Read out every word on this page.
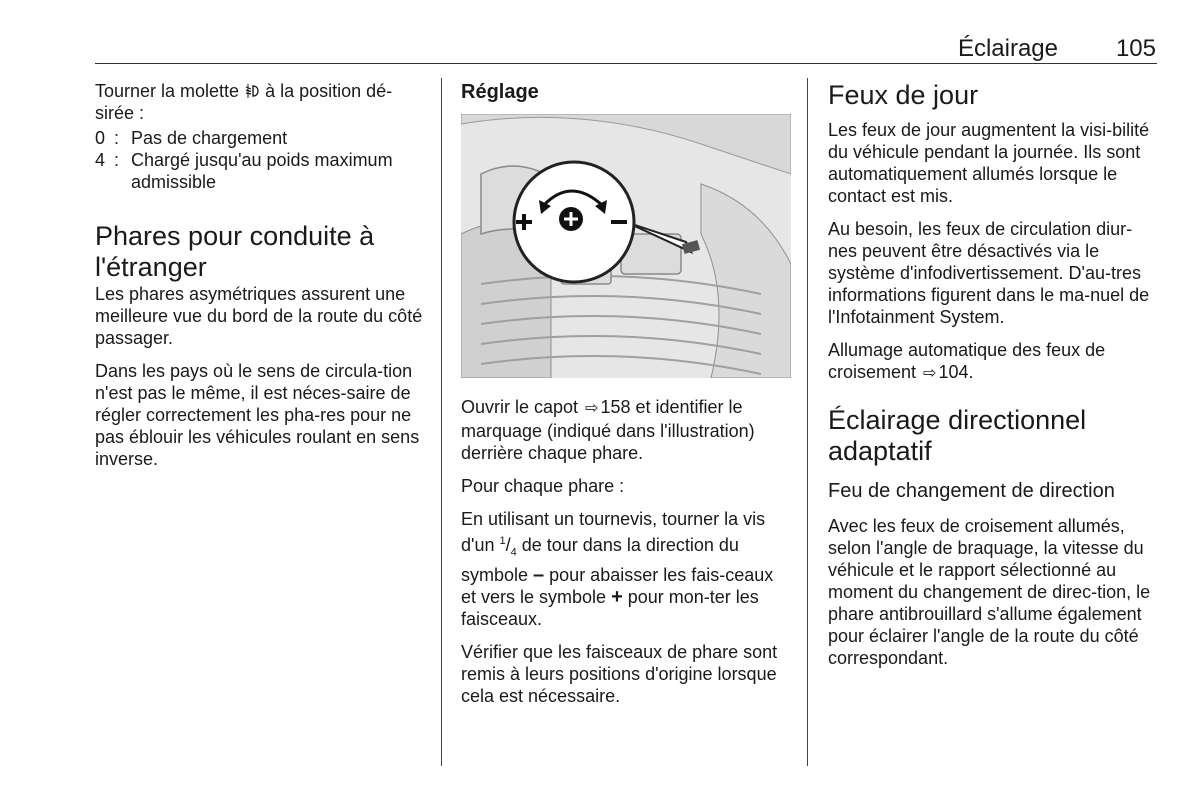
Éclairage	105

Tourner la molette  à la position dé-sirée :

0 : Pas de chargement
4 : Chargé jusqu'au poids maximum admissible
Phares pour conduite à l'étranger

Les phares asymétriques assurent une meilleure vue du bord de la route du côté passager.

Dans les pays où le sens de circula-tion n'est pas le même, il est néces-saire de régler correctement les pha-res pour ne pas éblouir les véhicules roulant en sens inverse.

Réglage

Ouvrir le capot ⇨ 158 et identifier le marquage (indiqué dans l'illustration) derrière chaque phare.

Pour chaque phare :

En utilisant un tournevis, tourner la vis d'un $^1/_4$ de tour dans la direction du symbole – pour abaisser les fais-ceaux et vers le symbole + pour mon-ter les faisceaux.

Vérifier que les faisceaux de phare sont remis à leurs positions d'origine lorsque cela est nécessaire.

Feux de jour

Les feux de jour augmentent la visi-bilité du véhicule pendant la journée. Ils sont automatiquement allumés lorsque le contact est mis.

Au besoin, les feux de circulation diur-nes peuvent être désactivés via le système d'infodivertissement. D'au-tres informations figurent dans le ma-nuel de l'Infotainment System.

Allumage automatique des feux de croisement ⇨ 104.

Éclairage directionnel adaptatif
Feu de changement de direction

Avec les feux de croisement allumés, selon l'angle de braquage, la vitesse du véhicule et le rapport sélectionné au moment du changement de direc-tion, le phare antibrouillard s'allume également pour éclairer l'angle de la route du côté correspondant.
